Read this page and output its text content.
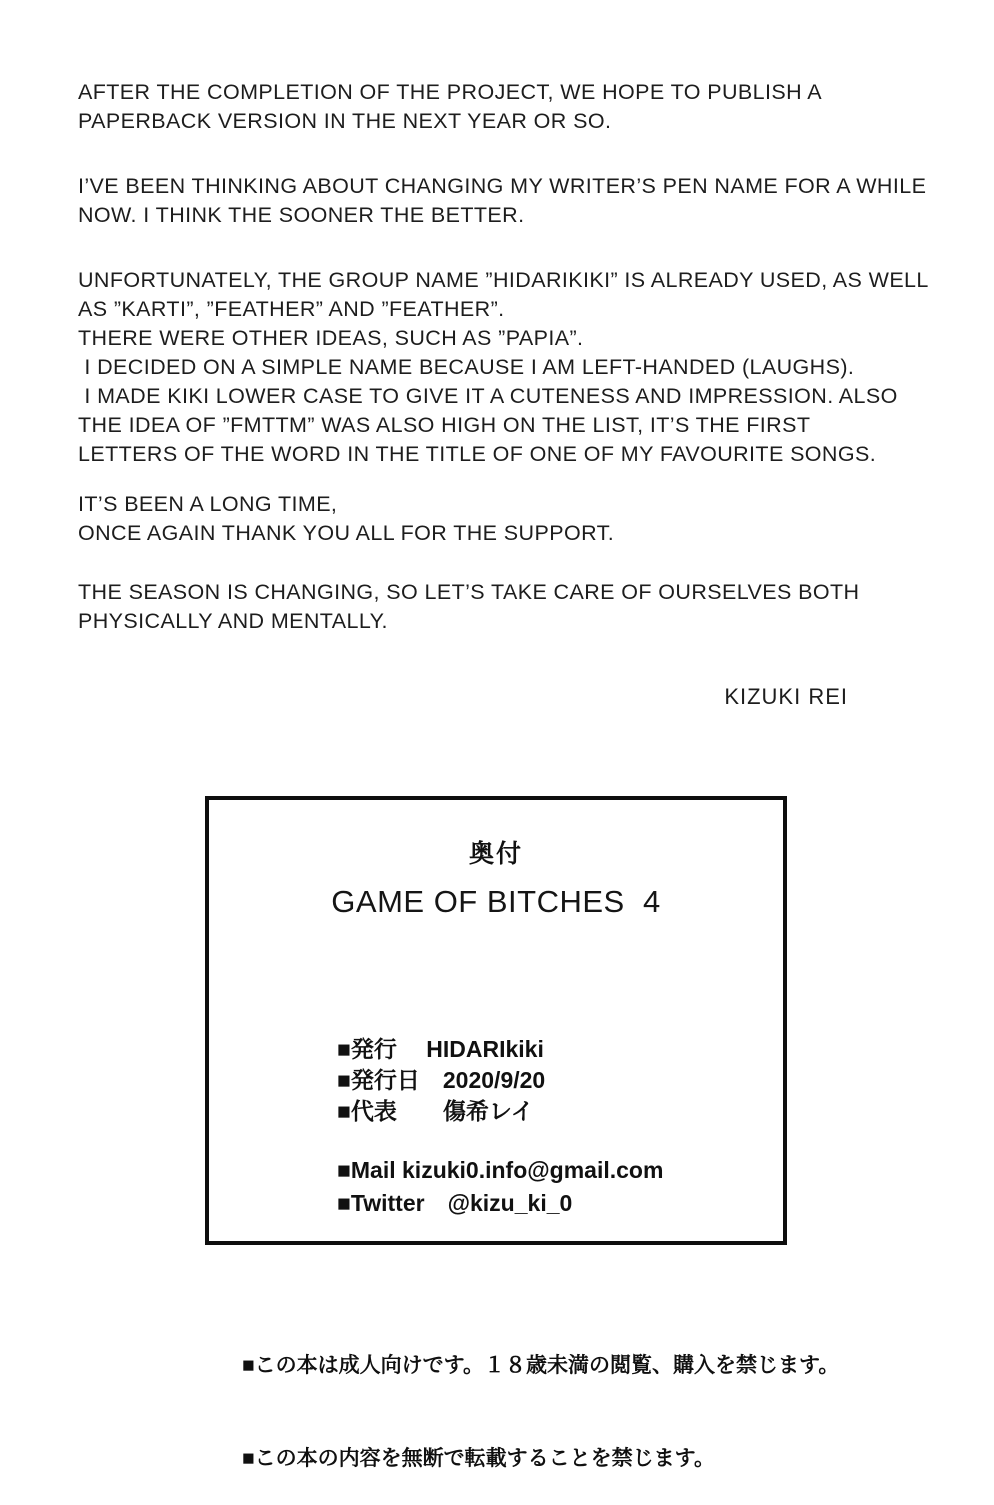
AFTER THE COMPLETION OF THE PROJECT, WE HOPE TO PUBLISH A
PAPERBACK VERSION IN THE NEXT YEAR OR SO.
I’VE BEEN THINKING ABOUT CHANGING MY WRITER’S PEN NAME FOR A WHILE
NOW. I THINK THE SOONER THE BETTER.
UNFORTUNATELY, THE GROUP NAME ”HIDARIKIKI” IS ALREADY USED, AS WELL
AS ”KARTI”, ”FEATHER” AND ”FEATHER”.
THERE WERE OTHER IDEAS, SUCH AS ”PAPIA”.
I DECIDED ON A SIMPLE NAME BECAUSE I AM LEFT-HANDED (LAUGHS).
I MADE KIKI LOWER CASE TO GIVE IT A CUTENESS AND IMPRESSION. ALSO
THE IDEA OF ”FMTTM” WAS ALSO HIGH ON THE LIST, IT’S THE FIRST
LETTERS OF THE WORD IN THE TITLE OF ONE OF MY FAVOURITE SONGS.
IT’S BEEN A LONG TIME,
ONCE AGAIN THANK YOU ALL FOR THE SUPPORT.
THE SEASON IS CHANGING, SO LET’S TAKE CARE OF OURSELVES BOTH
PHYSICALLY AND MENTALLY.
KIZUKI REI
奥付
GAME OF BITCHES  4
■発行　 HIDARIkiki
■発行日　2020/9/20
■代表　　傷希レイ
■Mail kizuki0.info@gmail.com
■Twitter　@kizu_ki_0

■この本は成人向けです。１８歳未満の閲覧、購入を禁じます。

■この本の内容を無断で転載することを禁じます。
